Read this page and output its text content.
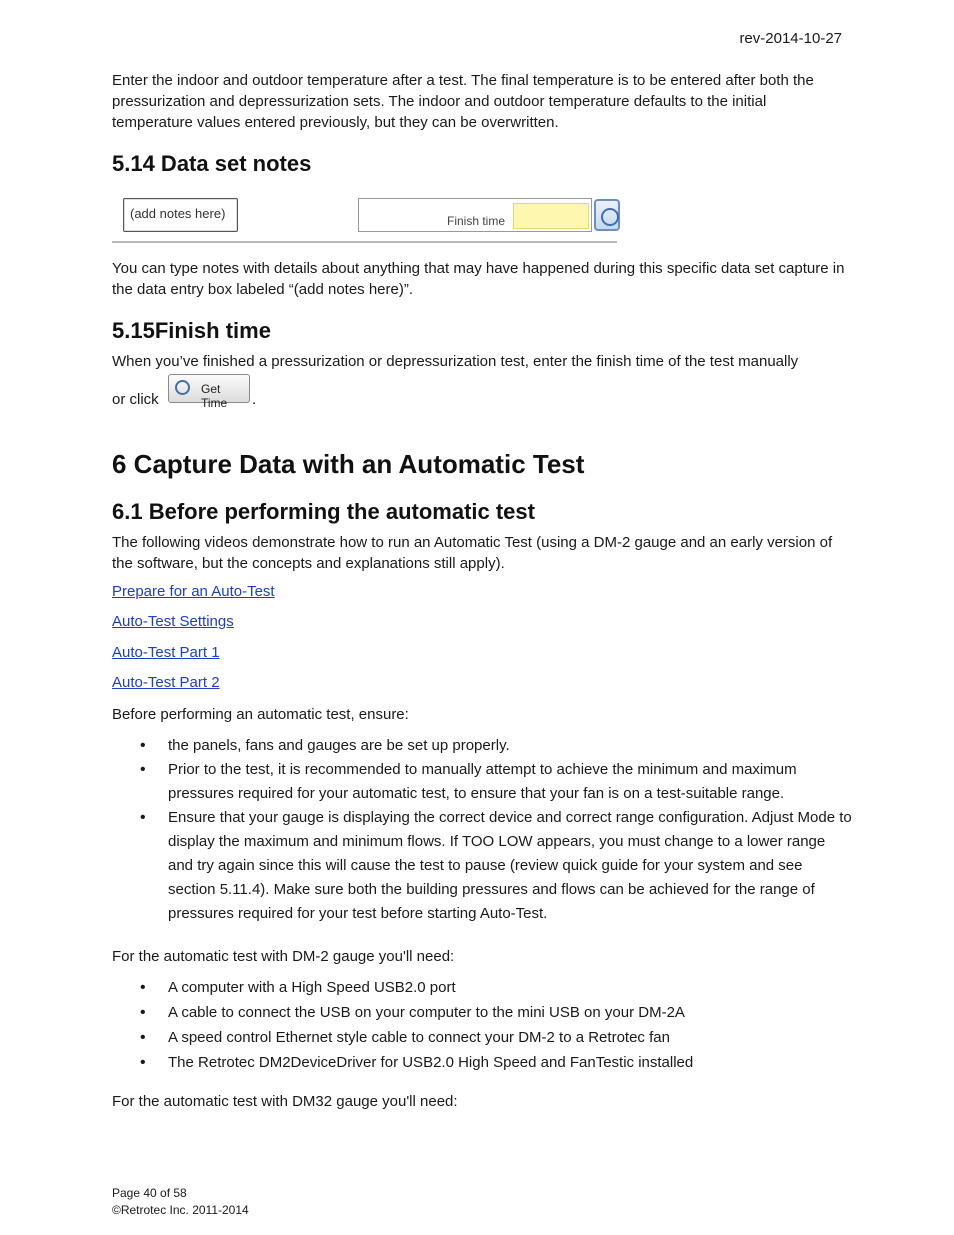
rev-2014-10-27
Enter the indoor and outdoor temperature after a test. The final temperature is to be entered after both the pressurization and depressurization sets. The indoor and outdoor temperature defaults to the initial temperature values entered previously, but they can be overwritten.
5.14 Data set notes
(add notes here)	Finish time
You can type notes with details about anything that may have happened during this specific data set capture in the data entry box labeled “(add notes here)”.
5.15Finish time
When you’ve finished a pressurization or depressurization test, enter the finish time of the test manually
or click
Get Time	.
6 Capture Data with an Automatic Test
6.1 Before performing the automatic test
The following videos demonstrate how to run an Automatic Test (using a DM-2 gauge and an early version of the software, but the concepts and explanations still apply).
Prepare for an Auto-Test
Auto-Test Settings
Auto-Test Part 1
Auto-Test Part 2
Before performing an automatic test, ensure:
• the panels, fans and gauges are be set up properly.
• Prior to the test, it is recommended to manually attempt to achieve the minimum and maximum pressures required for your automatic test, to ensure that your fan is on a test-suitable range.
• Ensure that your gauge is displaying the correct device and correct range configuration. Adjust Mode to display the maximum and minimum flows. If TOO LOW appears, you must change to a lower range and try again since this will cause the test to pause (review quick guide for your system and see section 5.11.4). Make sure both the building pressures and flows can be achieved for the range of pressures required for your test before starting Auto-Test.
For the automatic test with DM-2 gauge you'll need:
• A computer with a High Speed USB2.0 port
• A cable to connect the USB on your computer to the mini USB on your DM-2A
• A speed control Ethernet style cable to connect your DM-2 to a Retrotec fan
• The Retrotec DM2DeviceDriver for USB2.0 High Speed and FanTestic installed
For the automatic test with DM32 gauge you'll need:
Page 40 of 58
©Retrotec Inc. 2011-2014
